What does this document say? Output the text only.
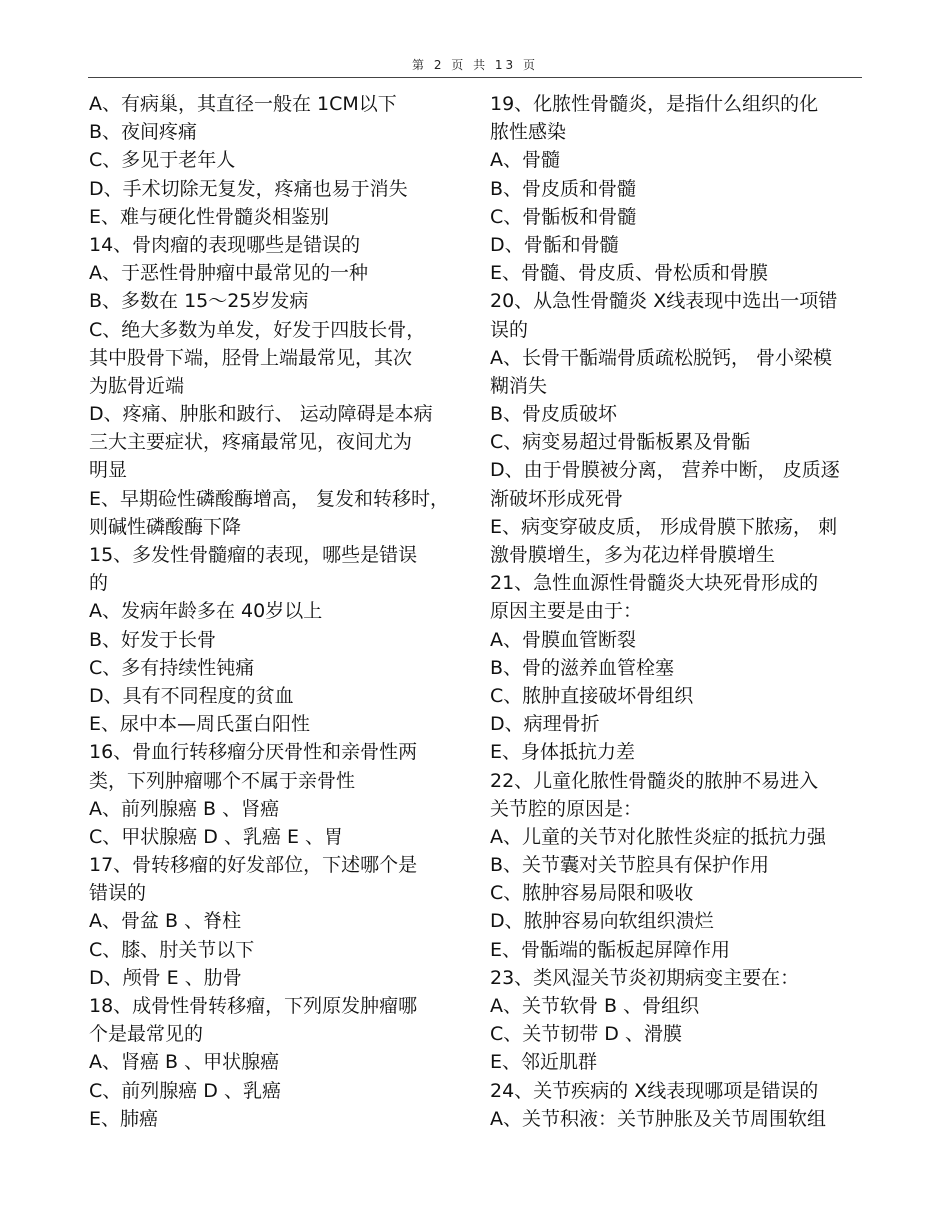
第 2 页 共 13 页
A、有病巢，其直径一般在 1CM以下
B、夜间疼痛
C、多见于老年人
D、手术切除无复发，疼痛也易于消失
E、难与硬化性骨髓炎相鉴别
14、骨肉瘤的表现哪些是错误的
A、于恶性骨肿瘤中最常见的一种
B、多数在 15～25岁发病
C、绝大多数为单发，好发于四肢长骨，
其中股骨下端，胫骨上端最常见，其次
为肱骨近端
D、疼痛、肿胀和跛行、 运动障碍是本病
三大主要症状，疼痛最常见，夜间尤为
明显
E、早期硷性磷酸酶增高， 复发和转移时，
则碱性磷酸酶下降
15、多发性骨髓瘤的表现，哪些是错误
的
A、发病年龄多在 40岁以上
B、好发于长骨
C、多有持续性钝痛
D、具有不同程度的贫血
E、尿中本—周氏蛋白阳性
16、骨血行转移瘤分厌骨性和亲骨性两
类，下列肿瘤哪个不属于亲骨性
A、前列腺癌 B 、肾癌
C、甲状腺癌 D 、乳癌 E 、胃
17、骨转移瘤的好发部位，下述哪个是
错误的
A、骨盆 B 、脊柱
C、膝、肘关节以下
D、颅骨 E 、肋骨
18、成骨性骨转移瘤，下列原发肿瘤哪
个是最常见的
A、肾癌 B 、甲状腺癌
C、前列腺癌 D 、乳癌
E、肺癌
19、化脓性骨髓炎，是指什么组织的化
脓性感染
A、骨髓
B、骨皮质和骨髓
C、骨骺板和骨髓
D、骨骺和骨髓
E、骨髓、骨皮质、骨松质和骨膜
20、从急性骨髓炎 X线表现中选出一项错
误的
A、长骨干骺端骨质疏松脱钙， 骨小梁模
糊消失
B、骨皮质破坏
C、病变易超过骨骺板累及骨骺
D、由于骨膜被分离， 营养中断， 皮质逐
渐破坏形成死骨
E、病变穿破皮质， 形成骨膜下脓疡， 刺
激骨膜增生，多为花边样骨膜增生
21、急性血源性骨髓炎大块死骨形成的
原因主要是由于：
A、骨膜血管断裂
B、骨的滋养血管栓塞
C、脓肿直接破坏骨组织
D、病理骨折
E、身体抵抗力差
22、儿童化脓性骨髓炎的脓肿不易进入
关节腔的原因是：
A、儿童的关节对化脓性炎症的抵抗力强
B、关节囊对关节腔具有保护作用
C、脓肿容易局限和吸收
D、脓肿容易向软组织溃烂
E、骨骺端的骺板起屏障作用
23、类风湿关节炎初期病变主要在：
A、关节软骨 B 、骨组织
C、关节韧带 D 、滑膜
E、邻近肌群
24、关节疾病的 X线表现哪项是错误的
A、关节积液：关节肿胀及关节周围软组
